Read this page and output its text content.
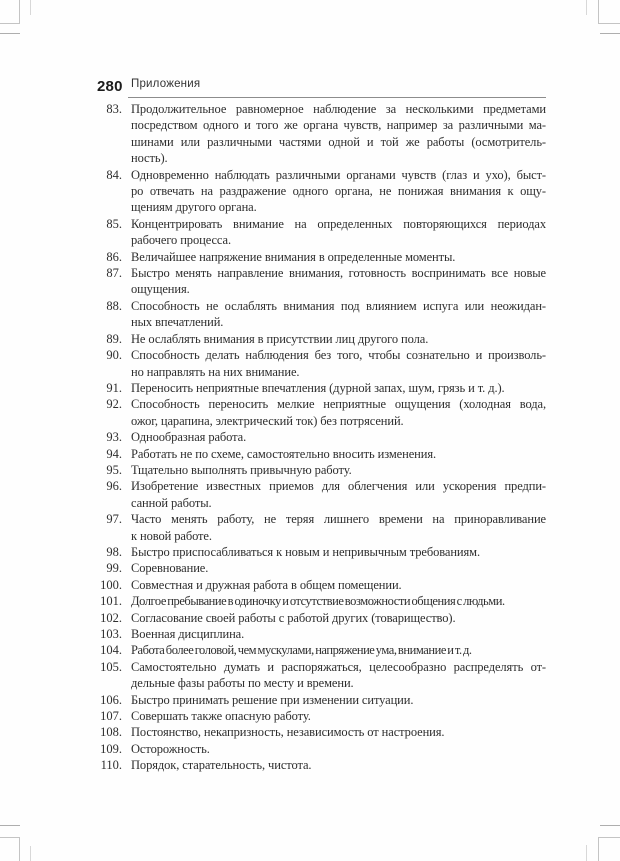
280 Приложения
83. Продолжительное равномерное наблюдение за несколькими предметами
посредством одного и того же органа чувств, например за различными ма-
шинами или различными частями одной и той же работы (осмотритель-
ность).
84. Одновременно наблюдать различными органами чувств (глаз и ухо), быст-
ро отвечать на раздражение одного органа, не понижая внимания к ощу-
щениям другого органа.
85. Концентрировать внимание на определенных повторяющихся периодах
рабочего процесса.
86. Величайшее напряжение внимания в определенные моменты.
87. Быстро менять направление внимания, готовность воспринимать все новые
ощущения.
88. Способность не ослаблять внимания под влиянием испуга или неожидан-
ных впечатлений.
89. Не ослаблять внимания в присутствии лиц другого пола.
90. Способность делать наблюдения без того, чтобы сознательно и произволь-
но направлять на них внимание.
91. Переносить неприятные впечатления (дурной запах, шум, грязь и т. д.).
92. Способность переносить мелкие неприятные ощущения (холодная вода,
ожог, царапина, электрический ток) без потрясений.
93. Однообразная работа.
94. Работать не по схеме, самостоятельно вносить изменения.
95. Тщательно выполнять привычную работу.
96. Изобретение известных приемов для облегчения или ускорения предпи-
санной работы.
97. Часто менять работу, не теряя лишнего времени на приноравливание
к новой работе.
98. Быстро приспосабливаться к новым и непривычным требованиям.
99. Соревнование.
100. Совместная и дружная работа в общем помещении.
101. Долгое пребывание в одиночку и отсутствие возможности общения с людьми.
102. Согласование своей работы с работой других (товарищество).
103. Военная дисциплина.
104. Работа более головой, чем мускулами, напряжение ума, внимание и т. д.
105. Самостоятельно думать и распоряжаться, целесообразно распределять от-
дельные фазы работы по месту и времени.
106. Быстро принимать решение при изменении ситуации.
107. Совершать также опасную работу.
108. Постоянство, некапризность, независимость от настроения.
109. Осторожность.
110. Порядок, старательность, чистота.
